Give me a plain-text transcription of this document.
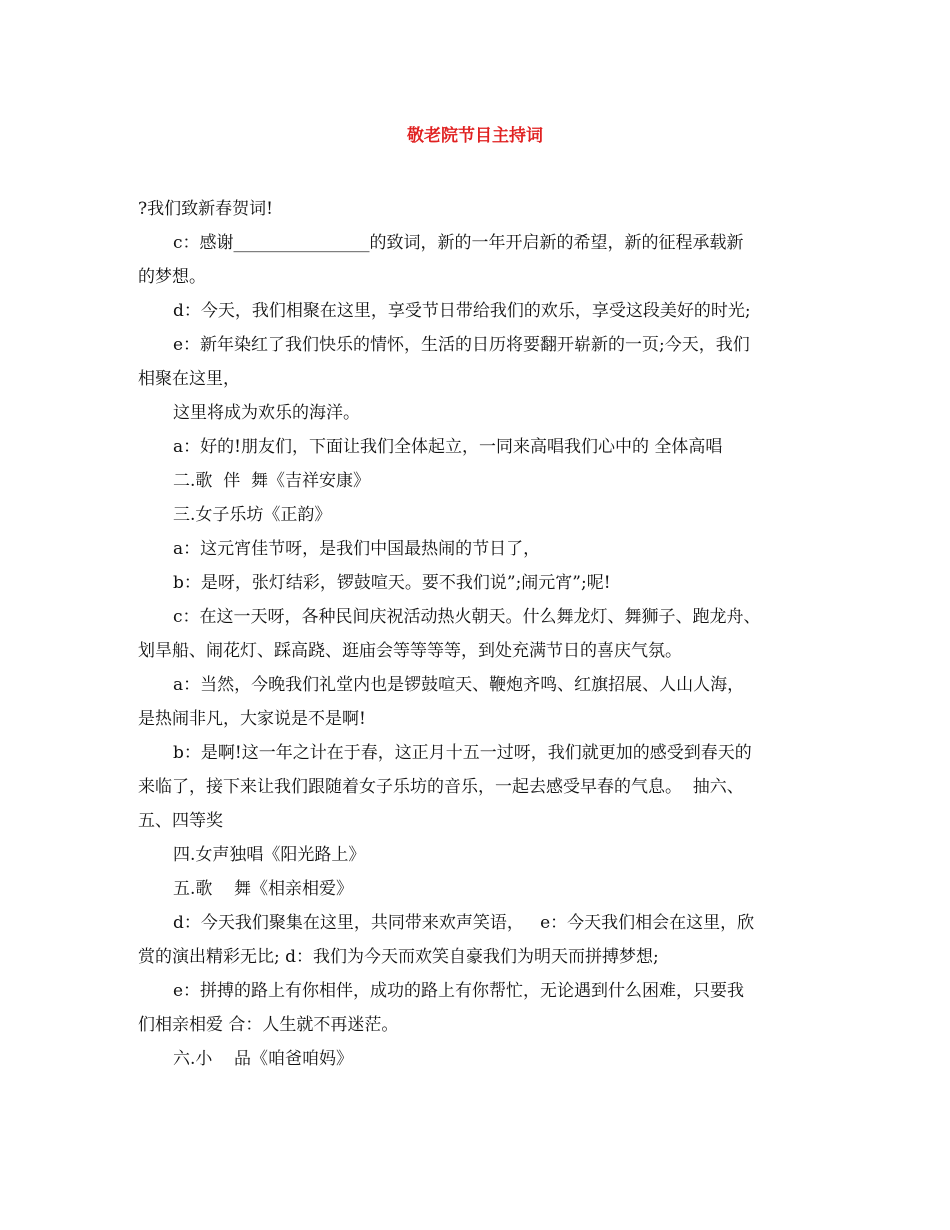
敬老院节目主持词

?我们致新春贺词!

c：感谢________________的致词，新的一年开启新的希望，新的征程承载新

的梦想。

d：今天，我们相聚在这里，享受节日带给我们的欢乐，享受这段美好的时光;

e：新年染红了我们快乐的情怀，生活的日历将要翻开崭新的一页;今天，我们

相聚在这里，

这里将成为欢乐的海洋。

a：好的!朋友们，下面让我们全体起立，一同来高唱我们心中的 全体高唱

二.歌  伴  舞《吉祥安康》

三.女子乐坊《正韵》

a：这元宵佳节呀，是我们中国最热闹的节日了，

b：是呀，张灯结彩，锣鼓喧天。要不我们说”;闹元宵”;呢!

c：在这一天呀，各种民间庆祝活动热火朝天。什么舞龙灯、舞狮子、跑龙舟、

划旱船、闹花灯、踩高跷、逛庙会等等等等，到处充满节日的喜庆气氛。

a：当然，今晚我们礼堂内也是锣鼓喧天、鞭炮齐鸣、红旗招展、人山人海，

是热闹非凡，大家说是不是啊!

b：是啊!这一年之计在于春，这正月十五一过呀，我们就更加的感受到春天的

来临了，接下来让我们跟随着女子乐坊的音乐，一起去感受早春的气息。  抽六、

五、四等奖

四.女声独唱《阳光路上》

五.歌    舞《相亲相爱》

d：今天我们聚集在这里，共同带来欢声笑语，   e：今天我们相会在这里，欣

赏的演出精彩无比; d：我们为今天而欢笑自豪我们为明天而拼搏梦想;

e：拼搏的路上有你相伴，成功的路上有你帮忙，无论遇到什么困难，只要我

们相亲相爱 合：人生就不再迷茫。

六.小    品《咱爸咱妈》
